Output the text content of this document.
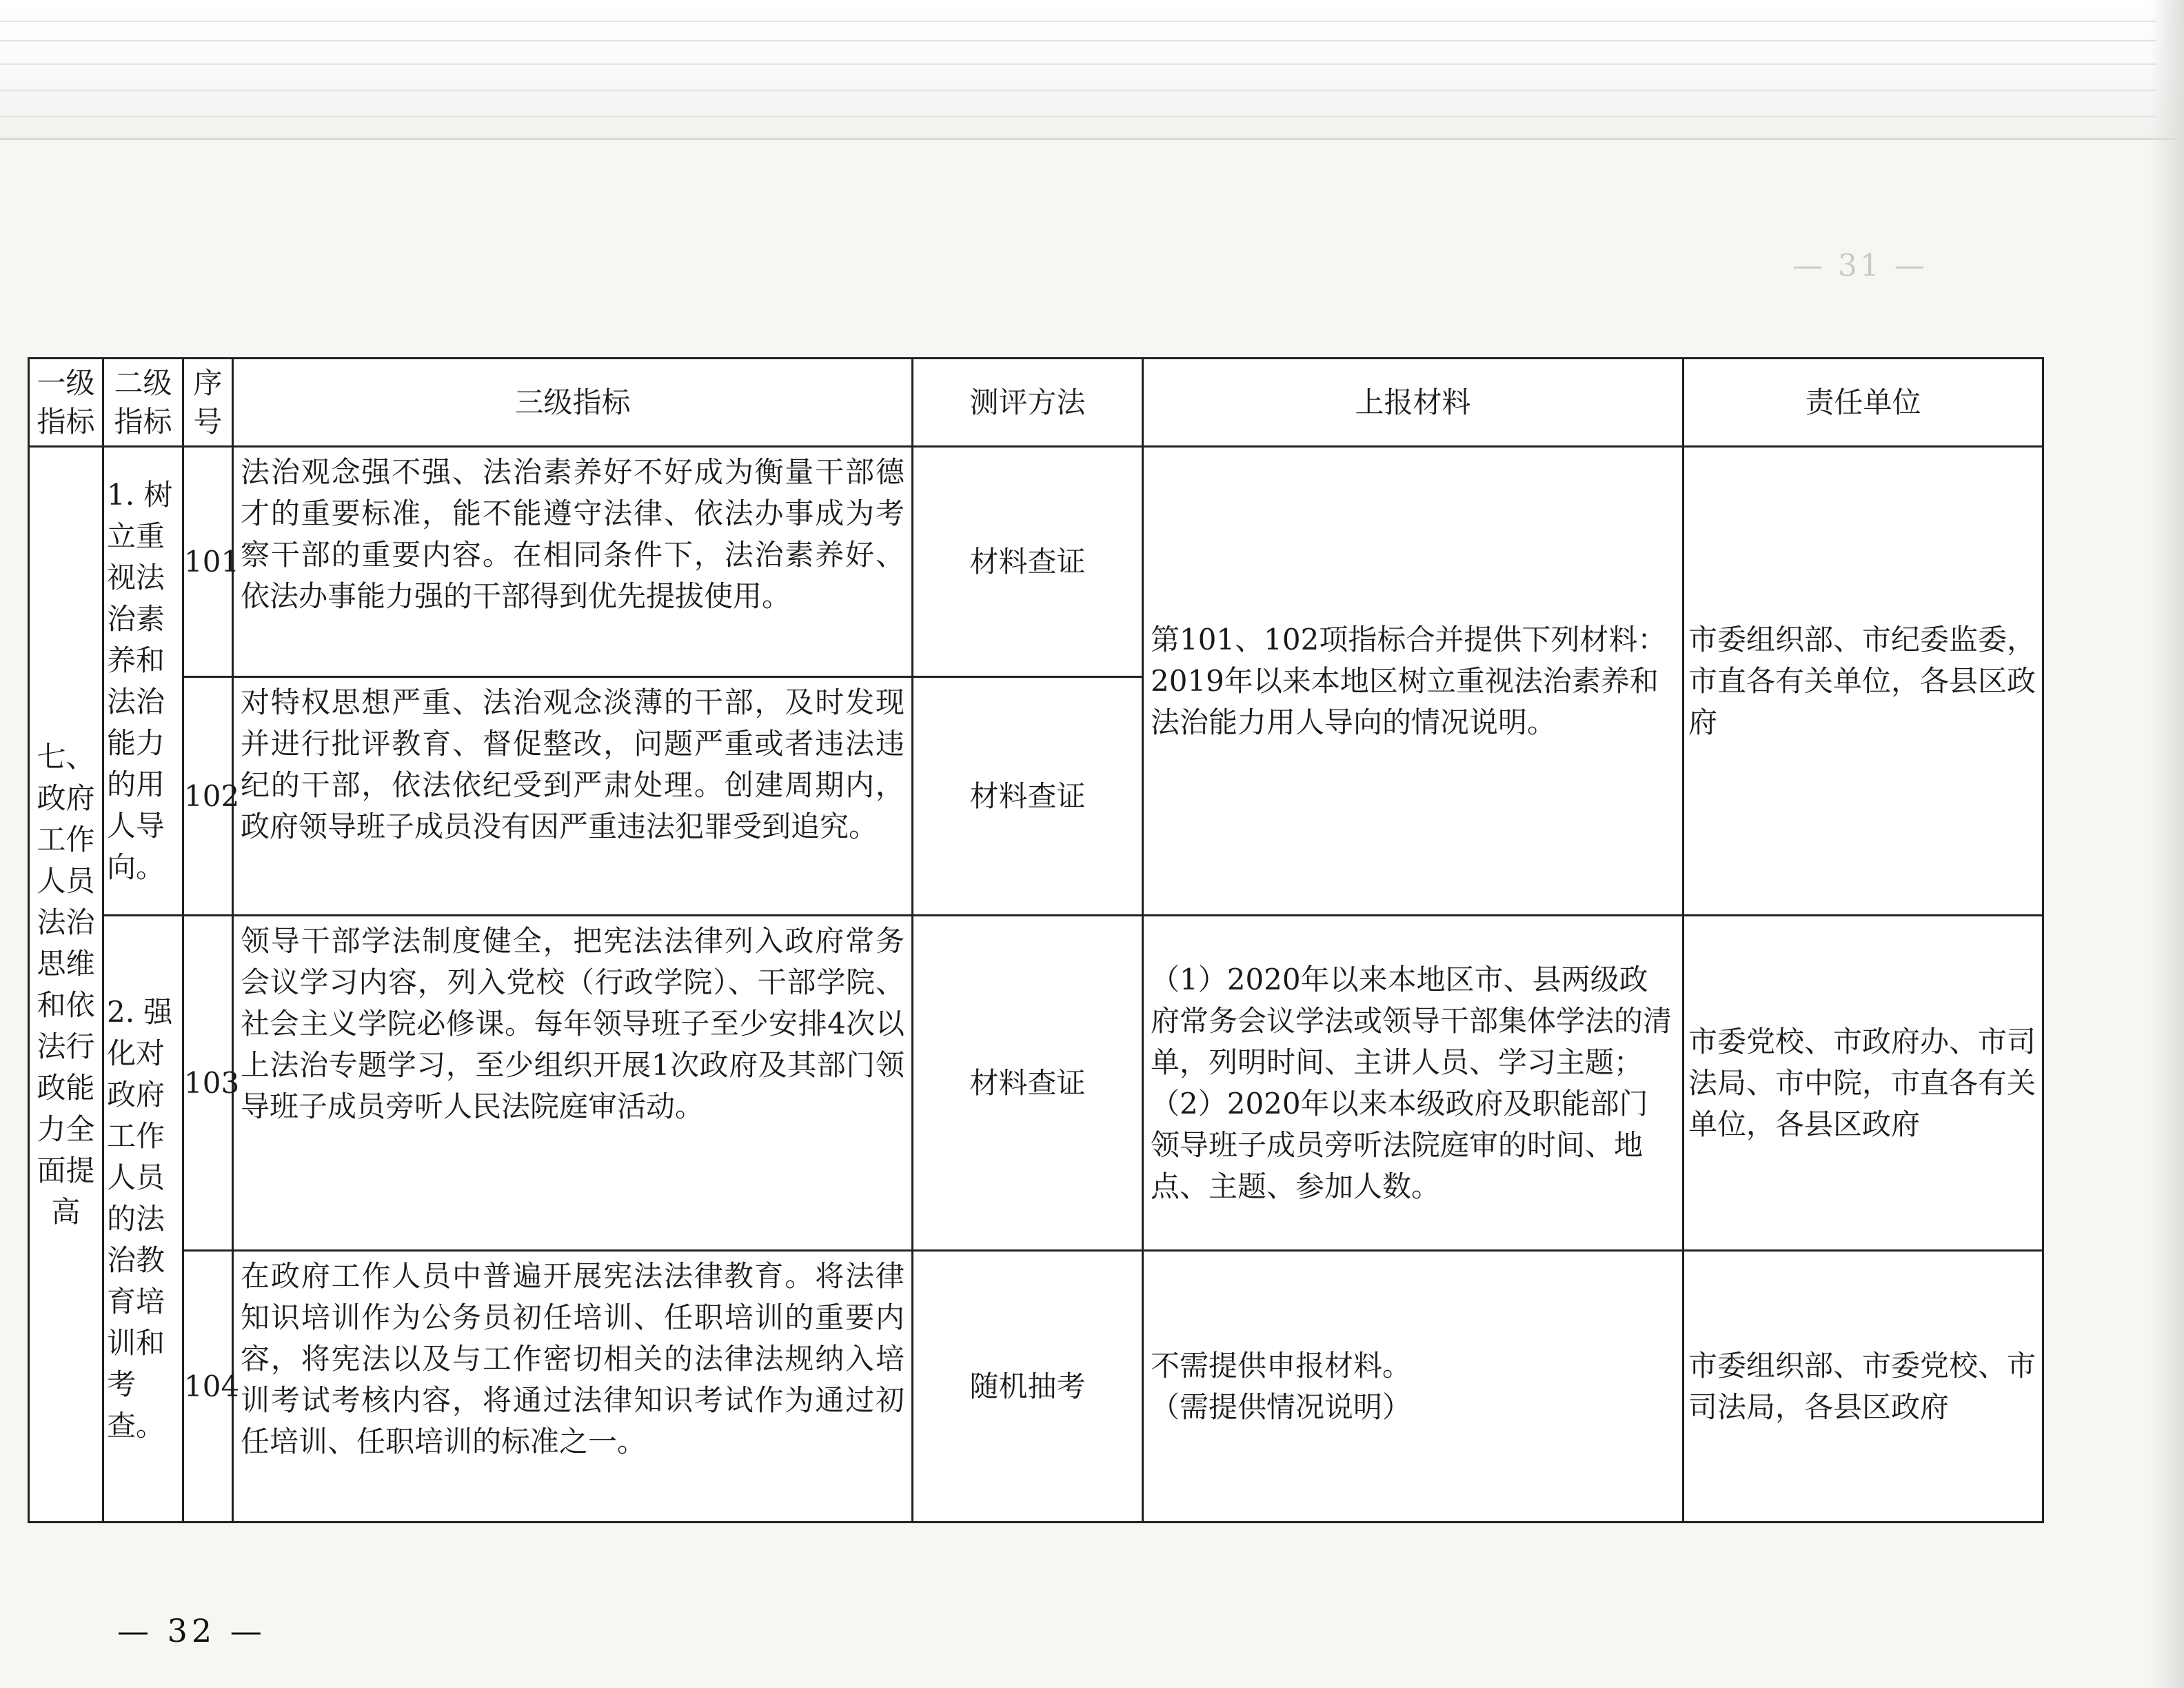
— 31 —
一级指标	二级指标	序号	三级指标	测评方法	上报材料	责任单位
七、政府工作人员法治思维和依法行政能力全面提高	1. 树立重视法治素养和法治能力的用人导向。	101	法治观念强不强、法治素养好不好成为衡量干部德才的重要标准，能不能遵守法律、依法办事成为考察干部的重要内容。在相同条件下，法治素养好、依法办事能力强的干部得到优先提拔使用。	材料查证	第101、102项指标合并提供下列材料：2019年以来本地区树立重视法治素养和法治能力用人导向的情况说明。	市委组织部、市纪委监委，市直各有关单位，各县区政府
		102	对特权思想严重、法治观念淡薄的干部，及时发现并进行批评教育、督促整改，问题严重或者违法违纪的干部，依法依纪受到严肃处理。创建周期内，政府领导班子成员没有因严重违法犯罪受到追究。	材料查证		
	2. 强化对政府工作人员的法治教育培训和考查。	103	领导干部学法制度健全，把宪法法律列入政府常务会议学习内容，列入党校（行政学院）、干部学院、社会主义学院必修课。每年领导班子至少安排4次以上法治专题学习，至少组织开展1次政府及其部门领导班子成员旁听人民法院庭审活动。	材料查证	（1）2020年以来本地区市、县两级政府常务会议学法或领导干部集体学法的清单，列明时间、主讲人员、学习主题；

（2）2020年以来本级政府及职能部门领导班子成员旁听法院庭审的时间、地点、主题、参加人数。	市委党校、市政府办、市司法局、市中院，市直各有关单位，各县区政府
		104	在政府工作人员中普遍开展宪法法律教育。将法律知识培训作为公务员初任培训、任职培训的重要内容，将宪法以及与工作密切相关的法律法规纳入培训考试考核内容，将通过法律知识考试作为通过初任培训、任职培训的标准之一。	随机抽考	不需提供申报材料。

（需提供情况说明）	市委组织部、市委党校、市司法局，各县区政府
— 32 —
